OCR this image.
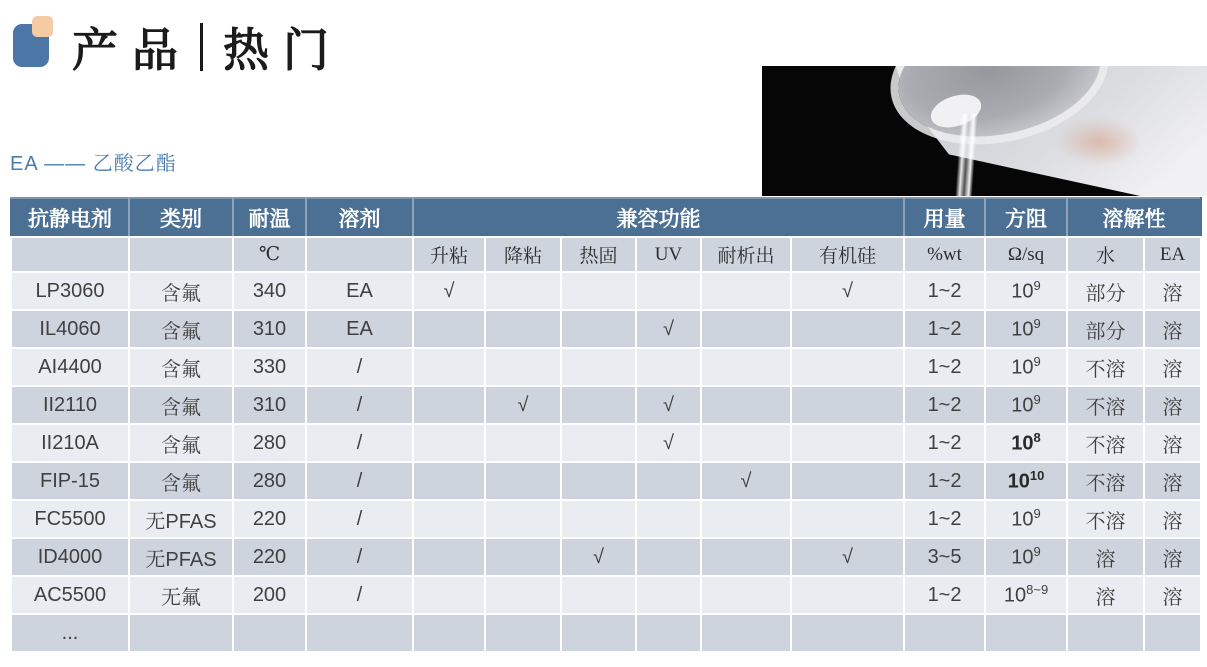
产品 热门
EA —— 乙酸乙酯
抗静电剂	类别	耐温	溶剂	兼容功能						用量	方阻	溶解性	
		℃		升粘	降粘	热固	UV	耐析出	有机硅	%wt	Ω/sq	水	EA
LP3060	含氟	340	EA	√					√	1~2	$10^9$	部分	溶
IL4060	含氟	310	EA				√			1~2	$10^9$	部分	溶
AI4400	含氟	330	/							1~2	$10^9$	不溶	溶
II2110	含氟	310	/		√		√			1~2	$10^9$	不溶	溶
II210A	含氟	280	/				√			1~2	$10^8$	不溶	溶
FIP-15	含氟	280	/					√		1~2	$10^{10}$	不溶	溶
FC5500	无PFAS	220	/							1~2	$10^9$	不溶	溶
ID4000	无PFAS	220	/			√			√	3~5	$10^9$	溶	溶
AC5500	无氟	200	/							1~2	$10^{8\sim 9}$	溶	溶
...													
